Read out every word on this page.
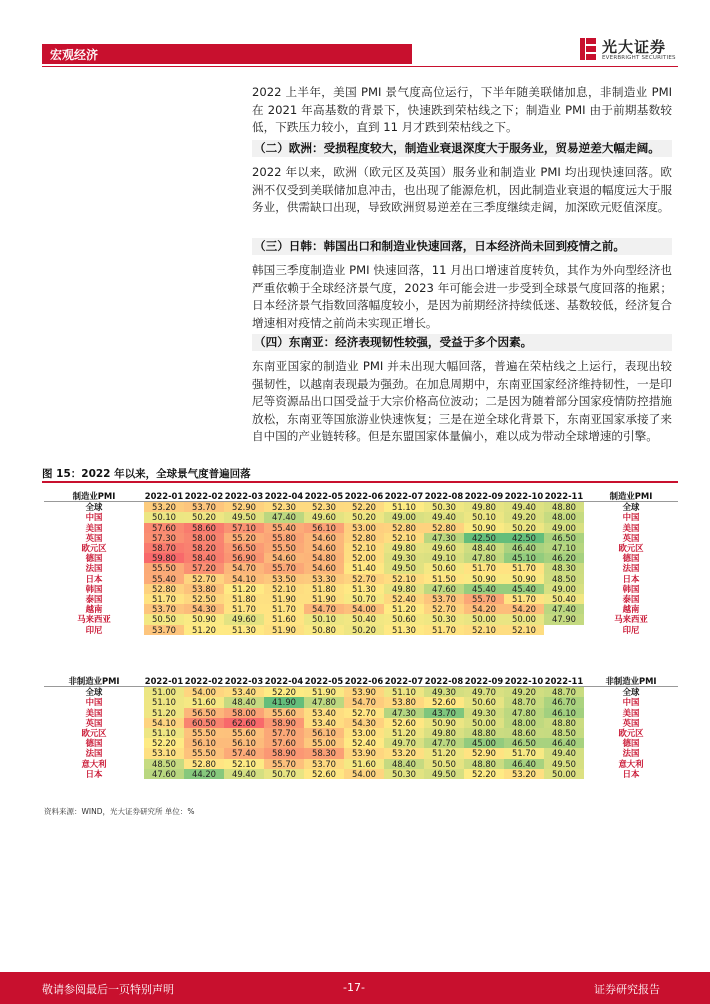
宏观经济	光大证券
EVERBRIGHT SECURITIES

2022 上半年，美国 PMI 景气度高位运行，下半年随美联储加息，非制造业 PMI 在 2021 年高基数的背景下，快速跌到荣枯线之下；制造业 PMI 由于前期基数较低，下跌压力较小，直到 11 月才跌到荣枯线之下。

（二）欧洲：受损程度较大，制造业衰退深度大于服务业，贸易逆差大幅走阔。

2022 年以来，欧洲（欧元区及英国）服务业和制造业 PMI 均出现快速回落。欧洲不仅受到美联储加息冲击，也出现了能源危机，因此制造业衰退的幅度远大于服务业，供需缺口出现，导致欧洲贸易逆差在三季度继续走阔，加深欧元贬值深度。

（三）日韩：韩国出口和制造业快速回落，日本经济尚未回到疫情之前。

韩国三季度制造业 PMI 快速回落，11 月出口增速首度转负，其作为外向型经济也严重依赖于全球经济景气度，2023 年可能会进一步受到全球景气度回落的拖累；日本经济景气指数回落幅度较小，是因为前期经济持续低迷、基数较低，经济复合增速相对疫情之前尚未实现正增长。

（四）东南亚：经济表现韧性较强，受益于多个因素。

东南亚国家的制造业 PMI 并未出现大幅回落，普遍在荣枯线之上运行，表现出较强韧性，以越南表现最为强劲。在加息周期中，东南亚国家经济维持韧性，一是印尼等资源品出口国受益于大宗价格高位波动；二是因为随着部分国家疫情防控措施放松，东南亚等国旅游业快速恢复；三是在逆全球化背景下，东南亚国家承接了来自中国的产业链转移。但是东盟国家体量偏小，难以成为带动全球增速的引擎。

图 15：2022 年以来，全球景气度普遍回落
制造业PMI	2022-01	2022-02	2022-03	2022-04	2022-05	2022-06	2022-07	2022-08	2022-09	2022-10	2022-11	制造业PMI
全球	53.20	53.70	52.90	52.30	52.30	52.20	51.10	50.30	49.80	49.40	48.80	全球
中国	50.10	50.20	49.50	47.40	49.60	50.20	49.00	49.40	50.10	49.20	48.00	中国
美国	57.60	58.60	57.10	55.40	56.10	53.00	52.80	52.80	50.90	50.20	49.00	美国
英国	57.30	58.00	55.20	55.80	54.60	52.80	52.10	47.30	42.50	42.50	46.50	英国
欧元区	58.70	58.20	56.50	55.50	54.60	52.10	49.80	49.60	48.40	46.40	47.10	欧元区
德国	59.80	58.40	56.90	54.60	54.80	52.00	49.30	49.10	47.80	45.10	46.20	德国
法国	55.50	57.20	54.70	55.70	54.60	51.40	49.50	50.60	51.70	51.70	48.30	法国
日本	55.40	52.70	54.10	53.50	53.30	52.70	52.10	51.50	50.90	50.90	48.50	日本
韩国	52.80	53.80	51.20	52.10	51.80	51.30	49.80	47.60	45.40	45.40	49.00	韩国
泰国	51.70	52.50	51.80	51.90	51.90	50.70	52.40	53.70	55.70	51.70	50.40	泰国
越南	53.70	54.30	51.70	51.70	54.70	54.00	51.20	52.70	54.20	54.20	47.40	越南
马来西亚	50.50	50.90	49.60	51.60	50.10	50.40	50.60	50.30	50.00	50.00	47.90	马来西亚
印尼	53.70	51.20	51.30	51.90	50.80	50.20	51.30	51.70	52.10	52.10		印尼
非制造业PMI	2022-01	2022-02	2022-03	2022-04	2022-05	2022-06	2022-07	2022-08	2022-09	2022-10	2022-11	非制造业PMI
全球	51.00	54.00	53.40	52.20	51.90	53.90	51.10	49.30	49.70	49.20	48.70	全球
中国	51.10	51.60	48.40	41.90	47.80	54.70	53.80	52.60	50.60	48.70	46.70	中国
美国	51.20	56.50	58.00	55.60	53.40	52.70	47.30	43.70	49.30	47.80	46.10	美国
英国	54.10	60.50	62.60	58.90	53.40	54.30	52.60	50.90	50.00	48.00	48.80	英国
欧元区	51.10	55.50	55.60	57.70	56.10	53.00	51.20	49.80	48.80	48.60	48.50	欧元区
德国	52.20	56.10	56.10	57.60	55.00	52.40	49.70	47.70	45.00	46.50	46.40	德国
法国	53.10	55.50	57.40	58.90	58.30	53.90	53.20	51.20	52.90	51.70	49.40	法国
意大利	48.50	52.80	52.10	55.70	53.70	51.60	48.40	50.50	48.80	46.40	49.50	意大利
日本	47.60	44.20	49.40	50.70	52.60	54.00	50.30	49.50	52.20	53.20	50.00	日本
资料来源：WIND，光大证券研究所 单位：%
敬请参阅最后一页特别声明	-17-	证券研究报告
